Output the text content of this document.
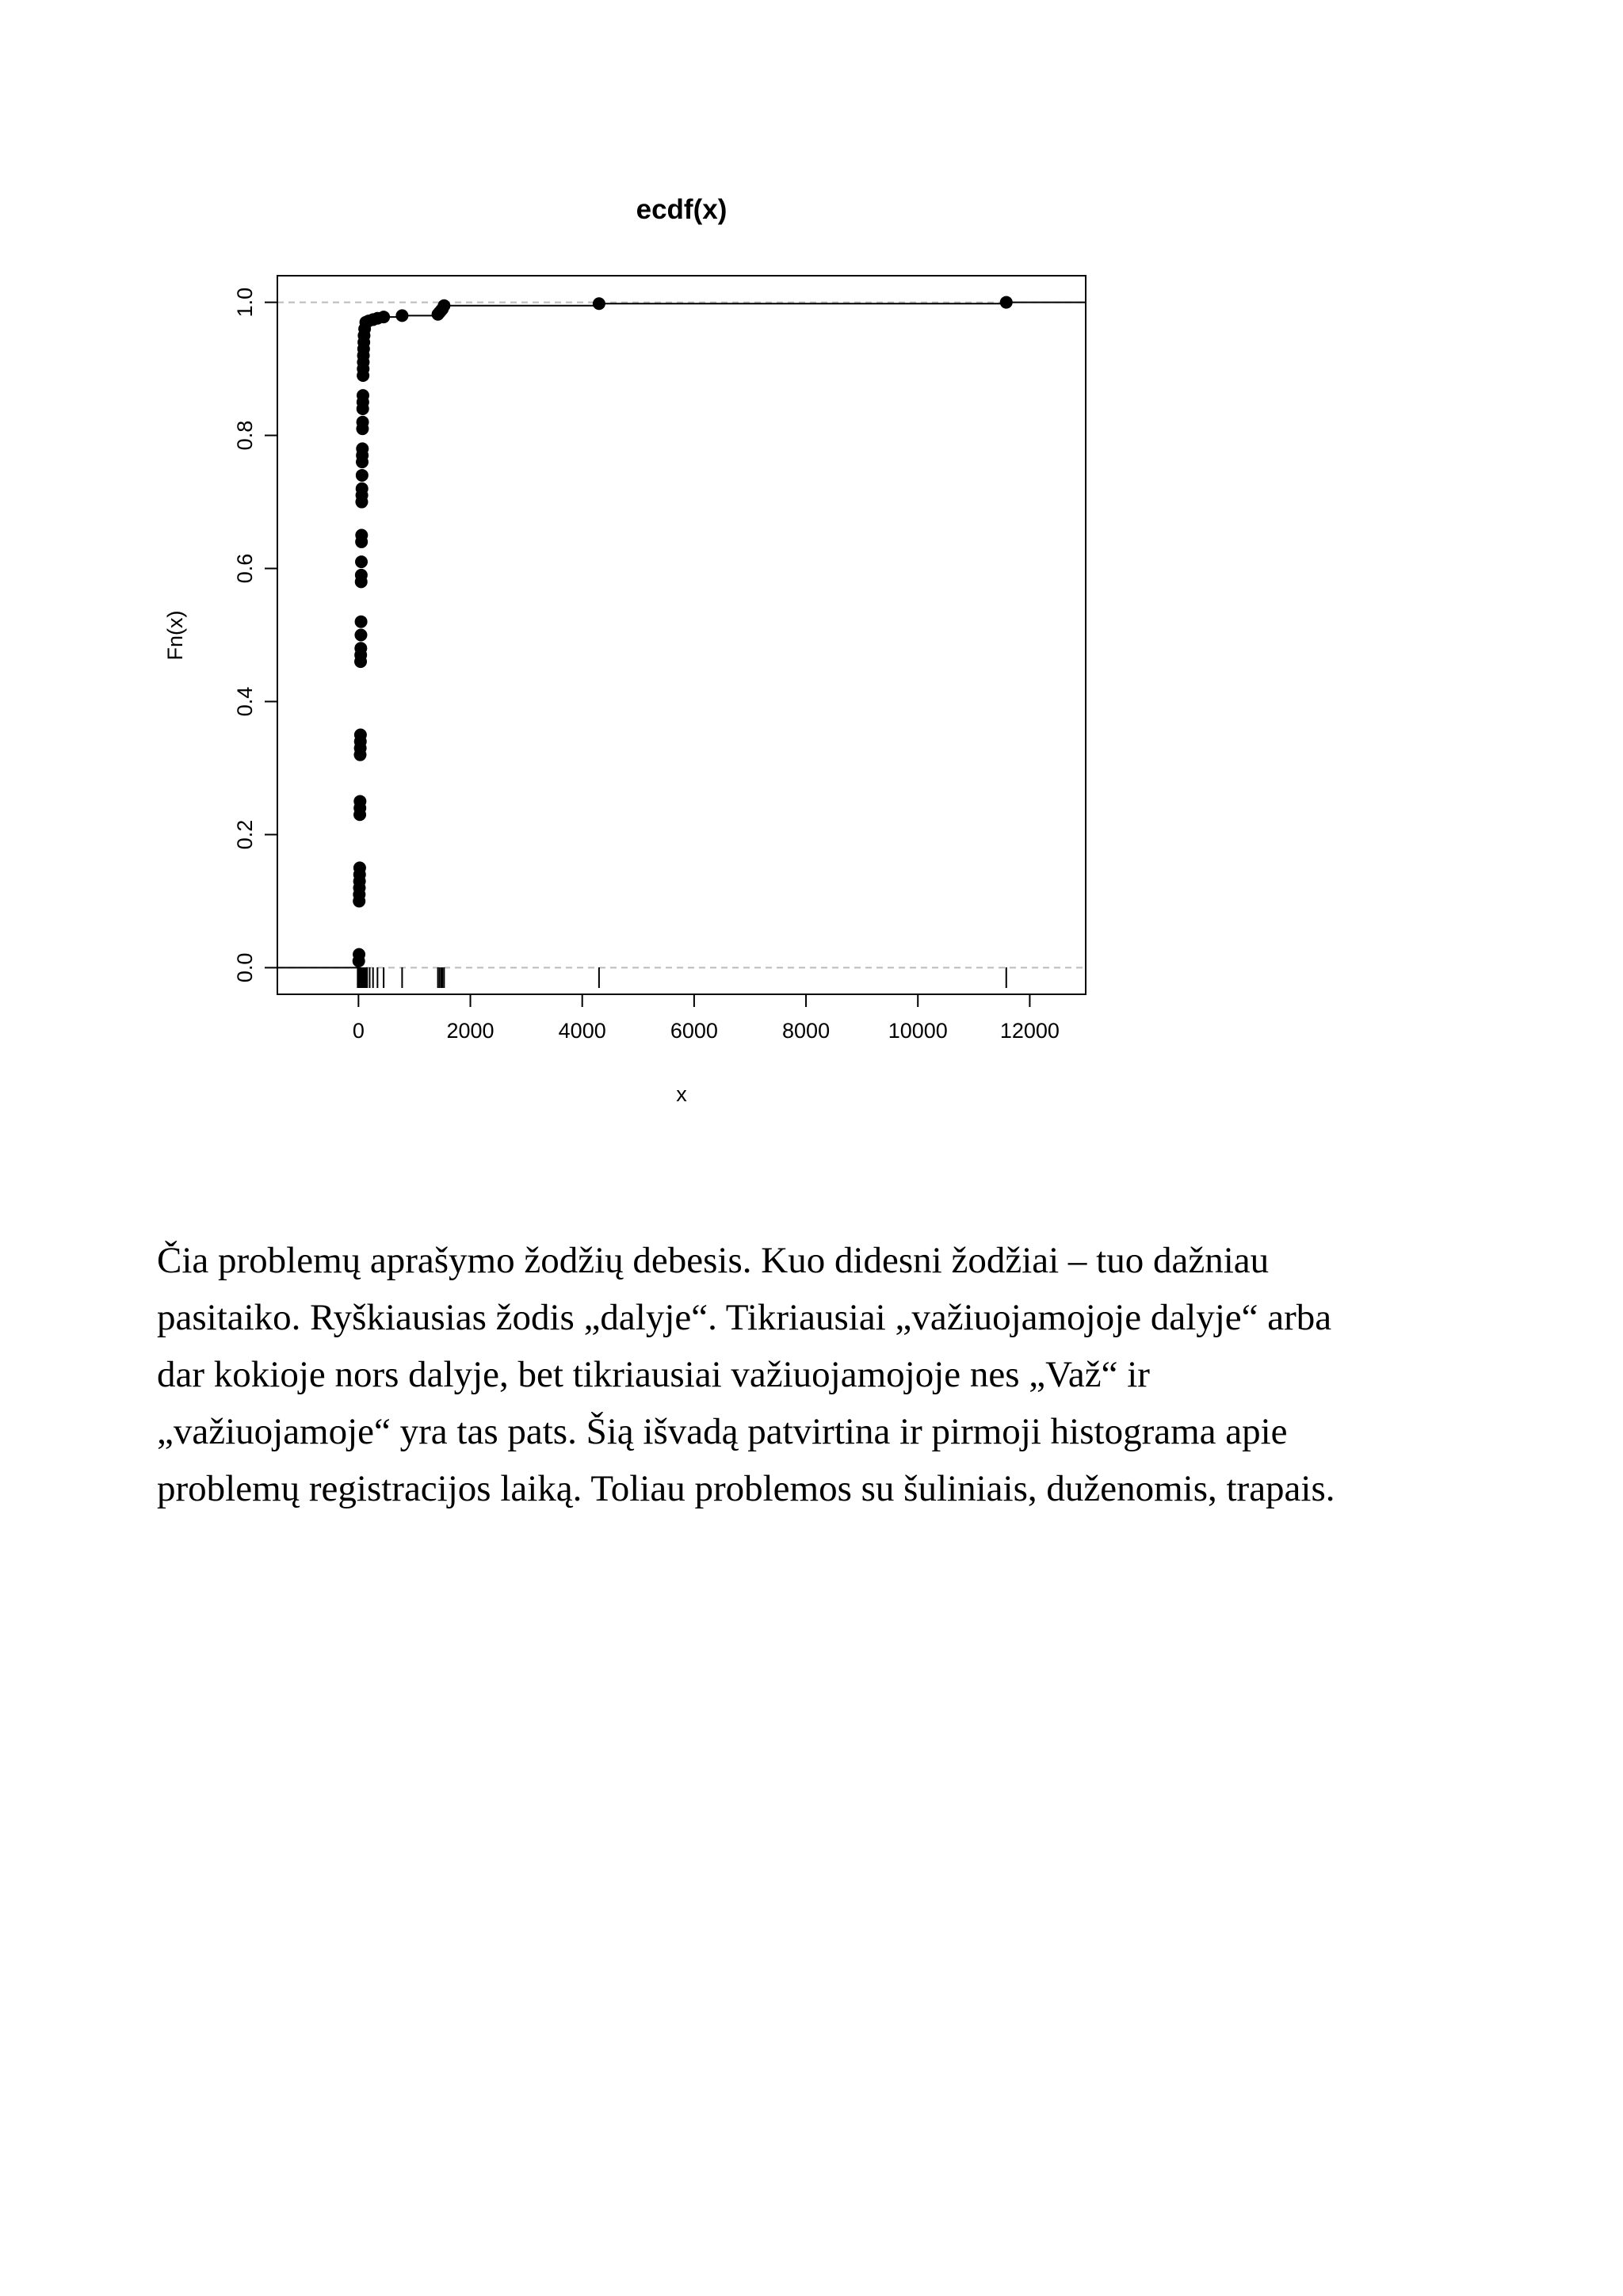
ecdf(x)
0	2000	4000	6000	8000	10000 12000
0.0
0.2
0.4
0.6
0.8
1.0
x
Fn(x)
Čia problemų aprašymo žodžių debesis. Kuo didesni žodžiai – tuo dažniau
pasitaiko. Ryškiausias žodis „dalyje“. Tikriausiai „važiuojamojoje dalyje“ arba
dar kokioje nors dalyje, bet tikriausiai važiuojamojoje nes „Važ“ ir
„važiuojamoje“ yra tas pats. Šią išvadą patvirtina ir pirmoji histograma apie
problemų registracijos laiką. Toliau problemos su šuliniais, duženomis, trapais.
